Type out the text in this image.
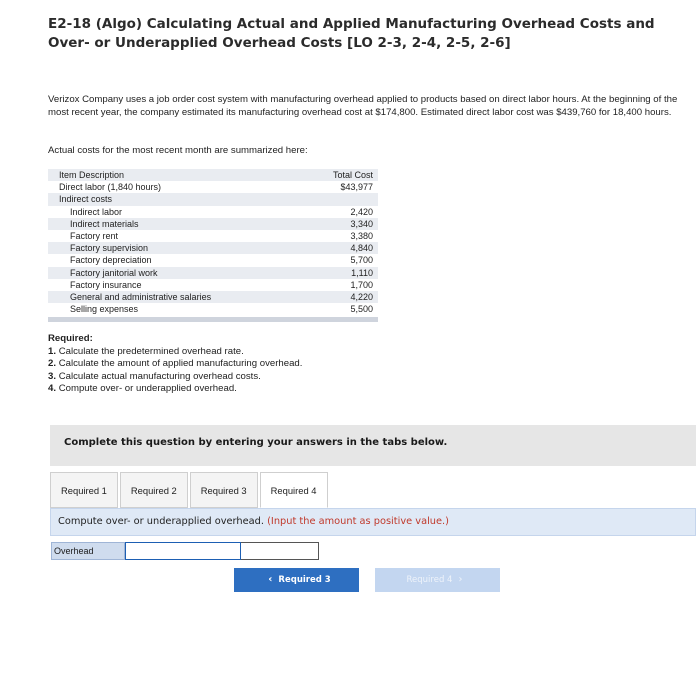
E2-18 (Algo) Calculating Actual and Applied Manufacturing Overhead Costs and Over- or Underapplied Overhead Costs [LO 2-3, 2-4, 2-5, 2-6]
Verizox Company uses a job order cost system with manufacturing overhead applied to products based on direct labor hours. At the beginning of the most recent year, the company estimated its manufacturing overhead cost at $174,800. Estimated direct labor cost was $439,760 for 18,400 hours.
Actual costs for the most recent month are summarized here:
Item Description	Total Cost
Direct labor (1,840 hours)	$43,977
Indirect costs
Indirect labor	2,420
Indirect materials	3,340
Factory rent	3,380
Factory supervision	4,840
Factory depreciation	5,700
Factory janitorial work	1,110
Factory insurance	1,700
General and administrative salaries	4,220
Selling expenses	5,500
Required:
1. Calculate the predetermined overhead rate.
2. Calculate the amount of applied manufacturing overhead.
3. Calculate actual manufacturing overhead costs.
4. Compute over- or underapplied overhead.
Complete this question by entering your answers in the tabs below.
Required 1	Required 2	Required 3	Required 4
Compute over- or underapplied overhead. (Input the amount as positive value.)
Overhead
‹ Required 3	Required 4 ›
